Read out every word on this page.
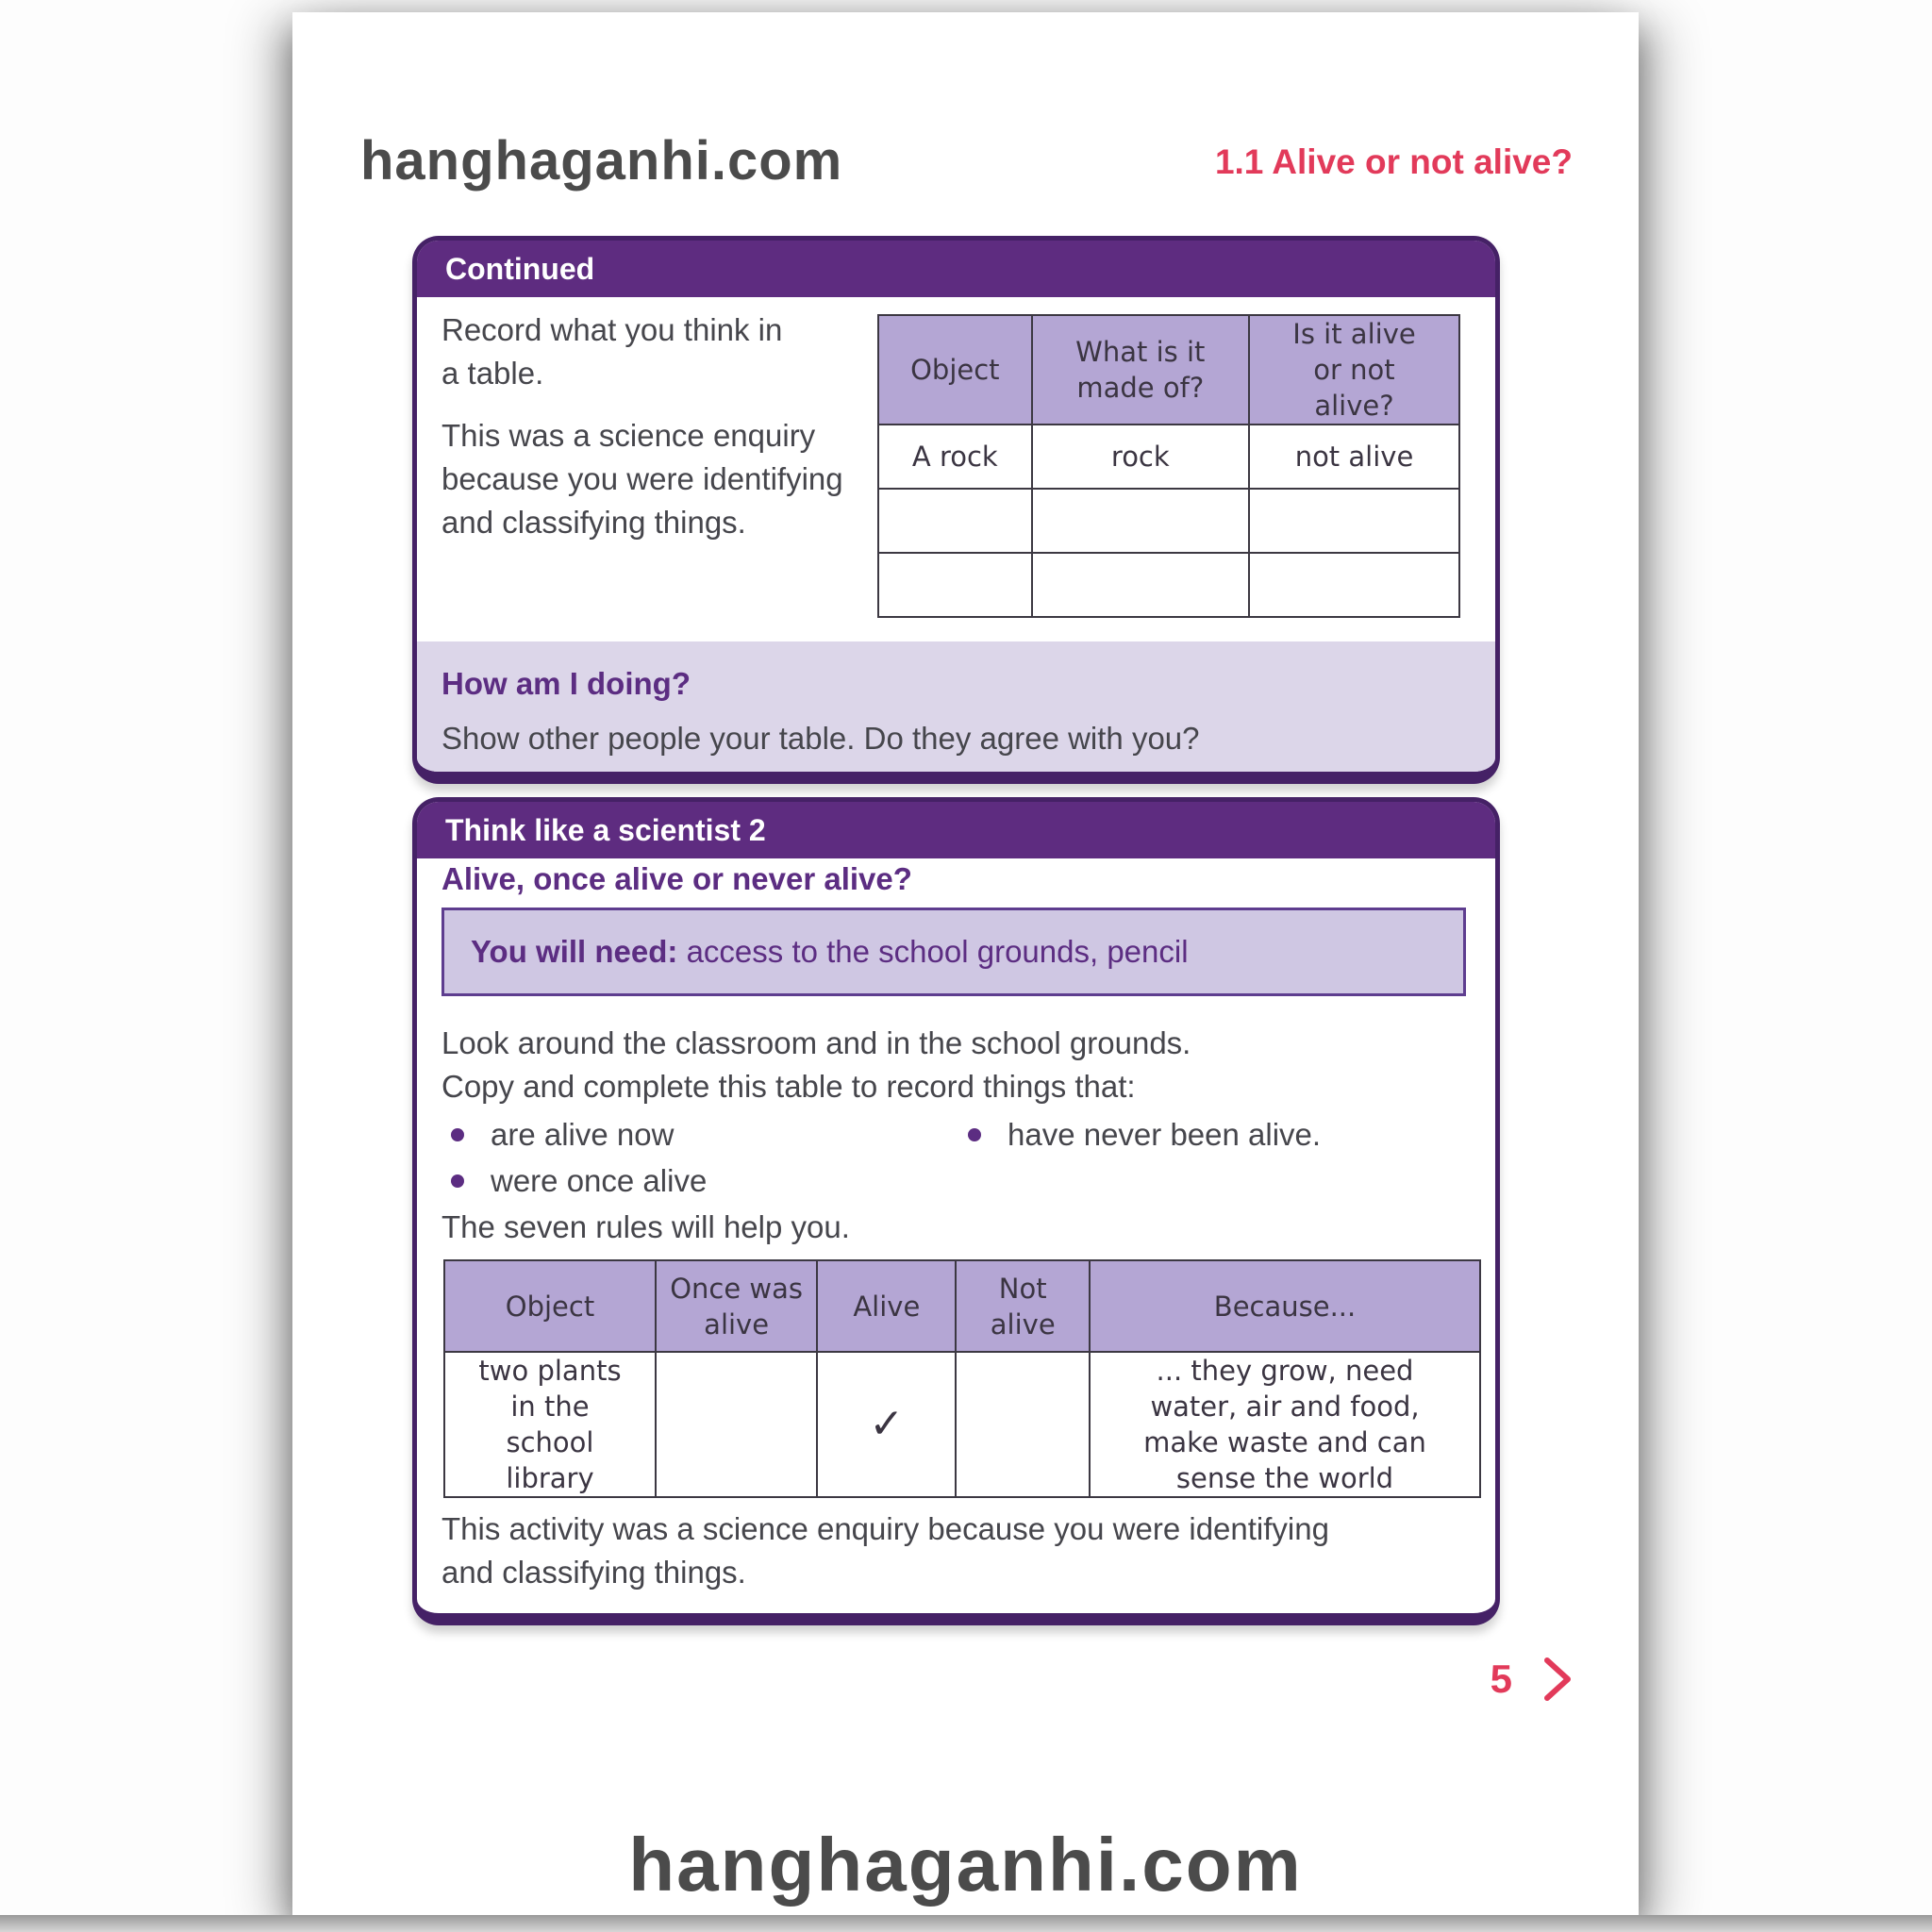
hanghaganhi.com	1.1 Alive or not alive?
Continued

Record what you think in a table.

This was a science enquiry because you were identifying and classifying things.

Object	What is it made of?	Is it alive or not alive?
A rock	rock	not alive

How am I doing?
Show other people your table. Do they agree with you?
Think like a scientist 2
Alive, once alive or never alive?
You will need: access to the school grounds, pencil
Look around the classroom and in the school grounds.
Copy and complete this table to record things that:
are alive now
were once alive
have never been alive.
The seven rules will help you.
Object	Once was alive	Alive	Not alive	Because...
two plants in the school library		✓		... they grow, need water, air and food, make waste and can sense the world
This activity was a science enquiry because you were identifying and classifying things.
5
hanghaganhi.com
